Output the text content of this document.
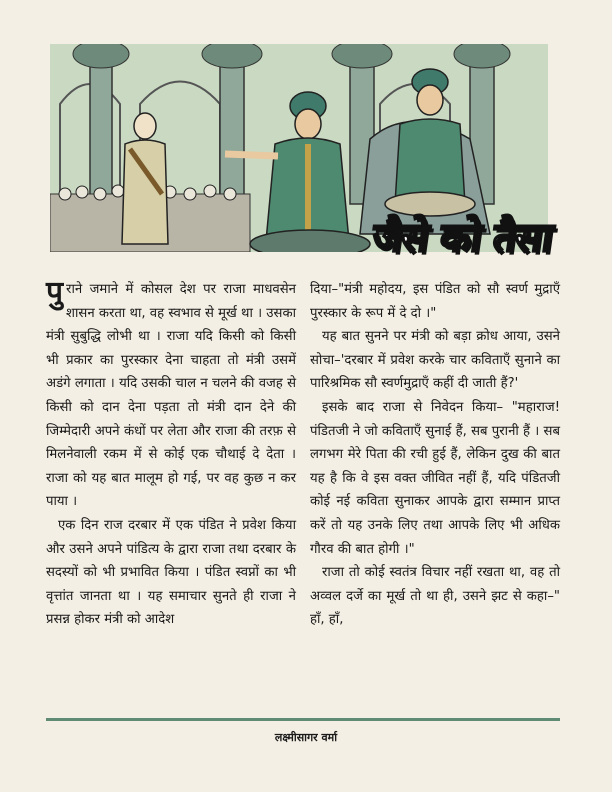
जैसे को तैसा

पुराने जमाने में कोसल देश पर राजा माधवसेन शासन करता था, वह स्वभाव से मूर्ख था । उसका मंत्री सुबुद्धि लोभी था । राजा यदि किसी को किसी भी प्रकार का पुरस्कार देना चाहता तो मंत्री उसमें अडंगे लगाता । यदि उसकी चाल न चलने की वजह से किसी को दान देना पड़ता तो मंत्री दान देने की जिम्मेदारी अपने कंधों पर लेता और राजा की तरफ़ से मिलनेवाली रकम में से कोई एक चौथाई दे देता । राजा को यह बात मालूम हो गई, पर वह कुछ न कर पाया ।

एक दिन राज दरबार में एक पंडित ने प्रवेश किया और उसने अपने पांडित्य के द्वारा राजा तथा दरबार के सदस्यों को भी प्रभावित किया । पंडित स्वप्नों का भी वृत्तांत जानता था । यह समाचार सुनते ही राजा ने प्रसन्न होकर मंत्री को आदेश

दिया–"मंत्री महोदय, इस पंडित को सौ स्वर्ण मुद्राएँ पुरस्कार के रूप में दे दो ।"

यह बात सुनने पर मंत्री को बड़ा क्रोध आया, उसने सोचा–'दरबार में प्रवेश करके चार कविताएँ सुनाने का पारिश्रमिक सौ स्वर्णमुद्राएँ कहीं दी जाती हैं?'

इसके बाद राजा से निवेदन किया– "महाराज! पंडितजी ने जो कविताएँ सुनाई हैं, सब पुरानी हैं । सब लगभग मेरे पिता की रची हुई हैं, लेकिन दुख की बात यह है कि वे इस वक्त जीवित नहीं हैं, यदि पंडितजी कोई नई कविता सुनाकर आपके द्वारा सम्मान प्राप्त करें तो यह उनके लिए तथा आपके लिए भी अधिक गौरव की बात होगी ।"

राजा तो कोई स्वतंत्र विचार नहीं रखता था, वह तो अव्वल दर्जे का मूर्ख तो था ही, उसने झट से कहा–" हाँ, हाँ,

लक्ष्मीसागर वर्मा
